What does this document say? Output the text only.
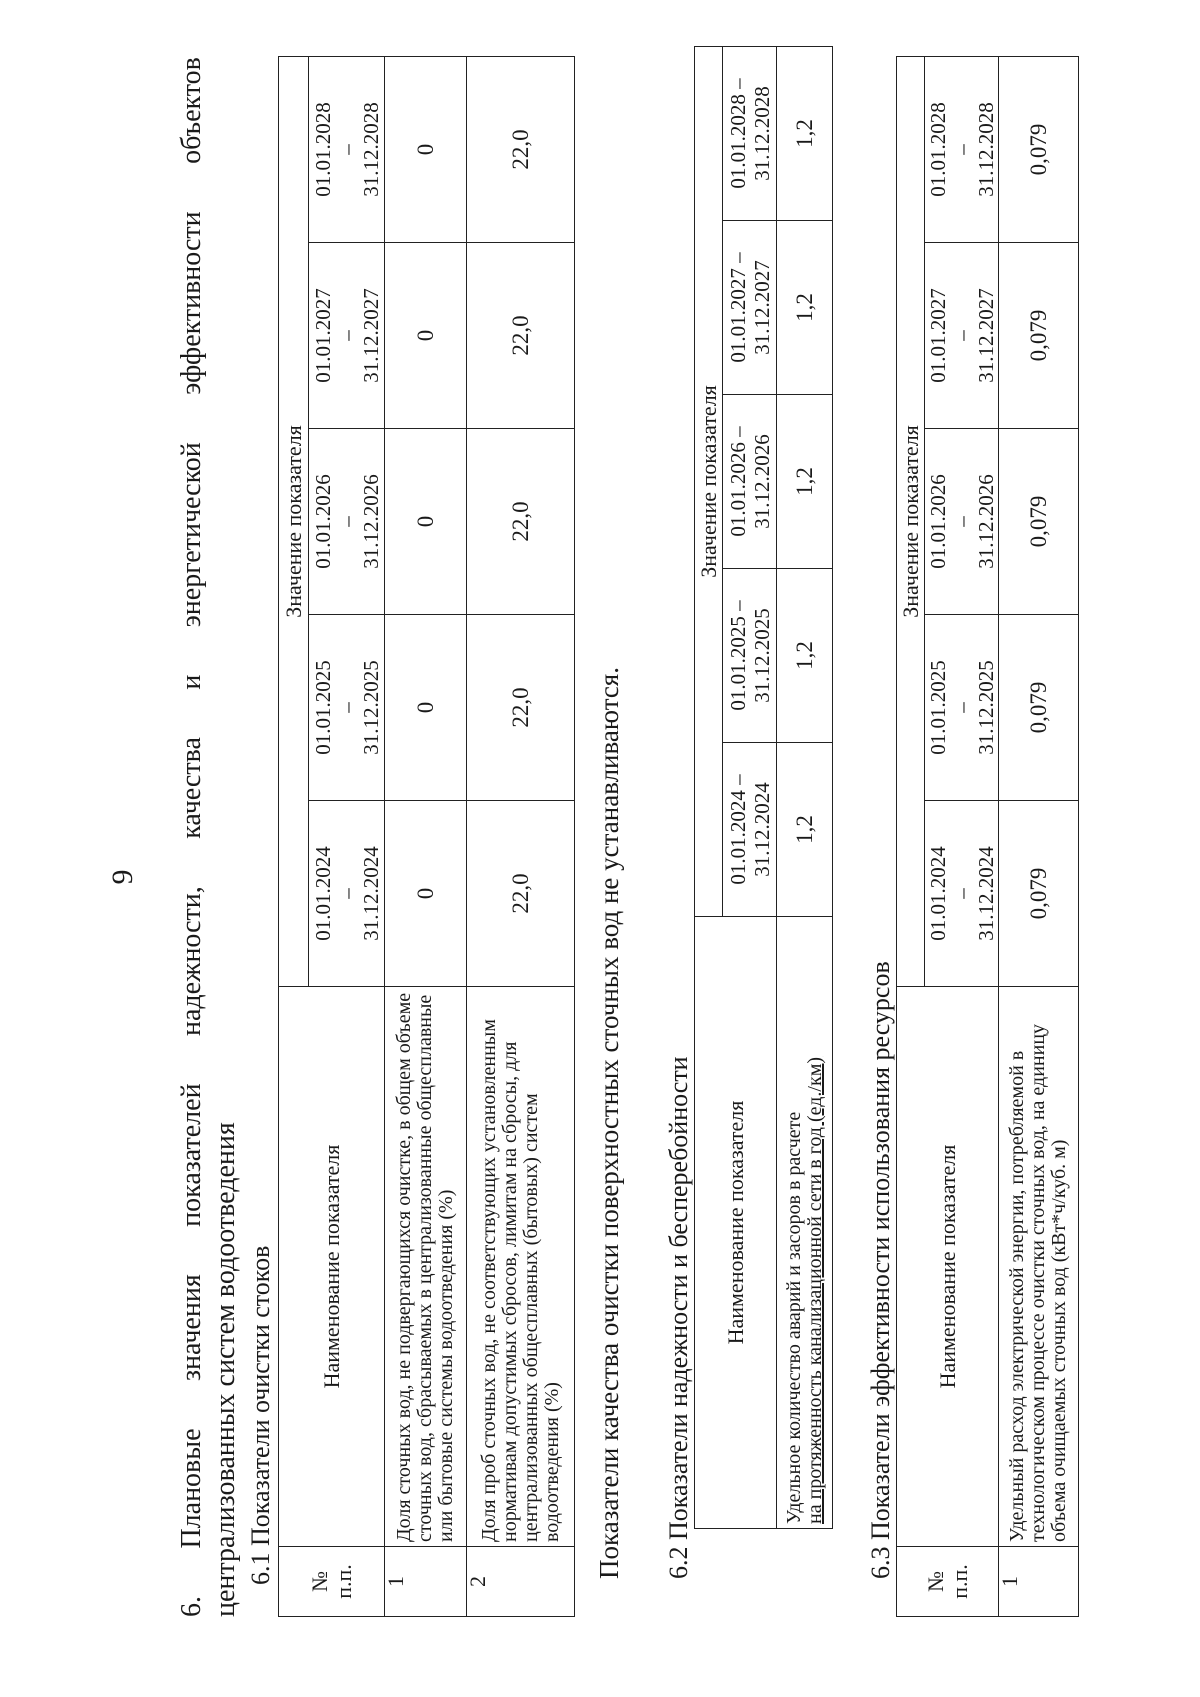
9
6.
Плановые
значения
показателей
надежности,
качества
и
энергетической
эффективности
объектов
централизованных систем водоотведения 6.1 Показатели очистки стоков № п.п.	Наименование показателя	Значение показателя				

		01.01.2024 – 31.12.2024	01.01.2025 – 31.12.2025	01.01.2026 – 31.12.2026	01.01.2027 – 31.12.2027	01.01.2028 – 31.12.2028

1	Доля сточных вод, не подвергающихся очистке, в общем объеме сточных вод, сбрасываемых в централизованные общесплавные или бытовые системы водоотведения (%)	0	0	0	0	0
2	Доля проб сточных вод, не соответствующих установленным нормативам допустимых сбросов, лимитам на сбросы, для централизованных общесплавных (бытовых) систем водоотведения (%)	22,0	22,0	22,0	22,0	22,0
Показатели качества очистки поверхностных сточных вод не устанавливаются. 6.2 Показатели надежности и бесперебойности Наименование показателя	Значение показателя				

	01.01.2024 – 31.12.2024	01.01.2025 – 31.12.2025	01.01.2026 – 31.12.2026	01.01.2027 – 31.12.2027	01.01.2028 – 31.12.2028

Удельное количество аварий и засоров в расчете на протяженность канализационной сети в год (ед./км)	1,2	1,2	1,2	1,2	1,2
6.3 Показатели эффективности использования ресурсов
№ п.п.	Наименование показателя	Значение показателя				

		01.01.2024 – 31.12.2024	01.01.2025 – 31.12.2025	01.01.2026 – 31.12.2026	01.01.2027 – 31.12.2027	01.01.2028 – 31.12.2028

1	Удельный расход электрической энергии, потребляемой в технологическом процессе очистки сточных вод, на единицу объема очищаемых сточных вод (кВт*ч/куб. м)	0,079	0,079	0,079	0,079	0,079
